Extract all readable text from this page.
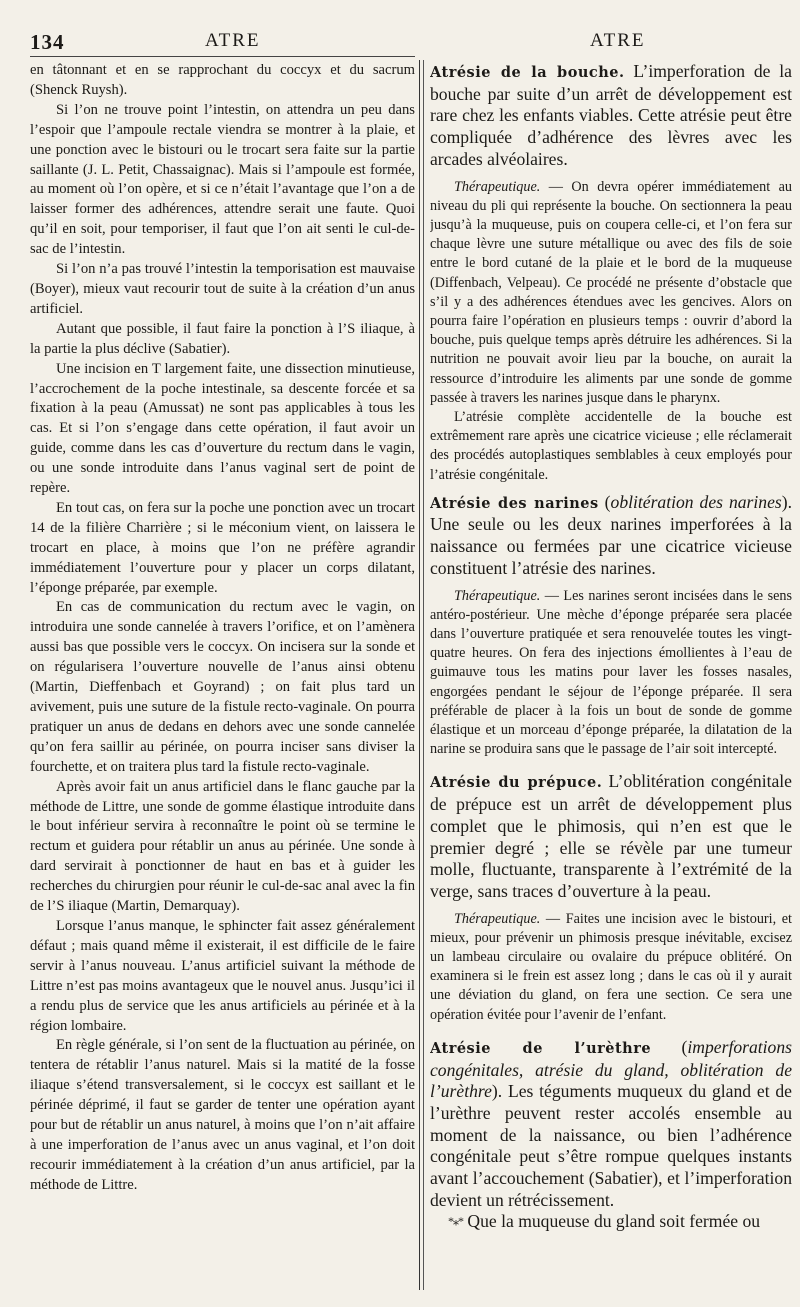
134	ATRE	ATRE

en tâtonnant et en se rapprochant du coccyx et du sacrum (Shenck Ruysh).

Si l’on ne trouve point l’intestin, on attendra un peu dans l’espoir que l’ampoule rectale viendra se montrer à la plaie, et une ponction avec le bistouri ou le trocart sera faite sur la partie saillante (J. L. Petit, Chassaignac). Mais si l’ampoule est formée, au moment où l’on opère, et si ce n’était l’avantage que l’on a de laisser former des adhérences, attendre serait une faute. Quoi qu’il en soit, pour temporiser, il faut que l’on ait senti le cul-de-sac de l’intestin.

Si l’on n’a pas trouvé l’intestin la temporisation est mauvaise (Boyer), mieux vaut recourir tout de suite à la création d’un anus artificiel.

Autant que possible, il faut faire la ponction à l’S iliaque, à la partie la plus déclive (Sabatier).

Une incision en T largement faite, une dissection minutieuse, l’accrochement de la poche intestinale, sa descente forcée et sa fixation à la peau (Amussat) ne sont pas applicables à tous les cas. Et si l’on s’engage dans cette opération, il faut avoir un guide, comme dans les cas d’ouverture du rectum dans le vagin, ou une sonde introduite dans l’anus vaginal sert de point de repère.

En tout cas, on fera sur la poche une ponction avec un trocart 14 de la filière Charrière ; si le méconium vient, on laissera le trocart en place, à moins que l’on ne préfère agrandir immédiatement l’ouverture pour y placer un corps dilatant, l’éponge préparée, par exemple.

En cas de communication du rectum avec le vagin, on introduira une sonde cannelée à travers l’orifice, et on l’amènera aussi bas que possible vers le coccyx. On incisera sur la sonde et on régularisera l’ouverture nouvelle de l’anus ainsi obtenu (Martin, Dieffenbach et Goyrand) ; on fait plus tard un avivement, puis une suture de la fistule recto-vaginale. On pourra pratiquer un anus de dedans en dehors avec une sonde cannelée qu’on fera saillir au périnée, on pourra inciser sans diviser la fourchette, et on traitera plus tard la fistule recto-vaginale.

Après avoir fait un anus artificiel dans le flanc gauche par la méthode de Littre, une sonde de gomme élastique introduite dans le bout inférieur servira à reconnaître le point où se termine le rectum et guidera pour rétablir un anus au périnée. Une sonde à dard servirait à ponctionner de haut en bas et à guider les recherches du chirurgien pour réunir le cul-de-sac anal avec la fin de l’S iliaque (Martin, Demarquay).

Lorsque l’anus manque, le sphincter fait assez généralement défaut ; mais quand même il existerait, il est difficile de le faire servir à l’anus nouveau. L’anus artificiel suivant la méthode de Littre n’est pas moins avantageux que le nouvel anus. Jusqu’ici il a rendu plus de service que les anus artificiels au périnée et à la région lombaire.

En règle générale, si l’on sent de la fluctuation au périnée, on tentera de rétablir l’anus naturel. Mais si la matité de la fosse iliaque s’étend transversalement, si le coccyx est saillant et le périnée déprimé, il faut se garder de tenter une opération ayant pour but de rétablir un anus naturel, à moins que l’on n’ait affaire à une imperforation de l’anus avec un anus vaginal, et l’on doit recourir immédiatement à la création d’un anus artificiel, par la méthode de Littre.

Atrésie de la bouche. L’imperforation de la bouche par suite d’un arrêt de développement est rare chez les enfants viables. Cette atrésie peut être compliquée d’adhérence des lèvres avec les arcades alvéolaires.

Thérapeutique. — On devra opérer immédiatement au niveau du pli qui représente la bouche. On sectionnera la peau jusqu’à la muqueuse, puis on coupera celle-ci, et l’on fera sur chaque lèvre une suture métallique ou avec des fils de soie entre le bord cutané de la plaie et le bord de la muqueuse (Diffenbach, Velpeau). Ce procédé ne présente d’obstacle que s’il y a des adhérences étendues avec les gencives. Alors on pourra faire l’opération en plusieurs temps : ouvrir d’abord la bouche, puis quelque temps après détruire les adhérences. Si la nutrition ne pouvait avoir lieu par la bouche, on aurait la ressource d’introduire les aliments par une sonde de gomme passée à travers les narines jusque dans le pharynx.

L’atrésie complète accidentelle de la bouche est extrêmement rare après une cicatrice vicieuse ; elle réclamerait des procédés autoplastiques semblables à ceux employés pour l’atrésie congénitale.

Atrésie des narines (oblitération des narines). Une seule ou les deux narines imperforées à la naissance ou fermées par une cicatrice vicieuse constituent l’atrésie des narines.

Thérapeutique. — Les narines seront incisées dans le sens antéro-postérieur. Une mèche d’éponge préparée sera placée dans l’ouverture pratiquée et sera renouvelée toutes les vingt-quatre heures. On fera des injections émollientes à l’eau de guimauve tous les matins pour laver les fosses nasales, engorgées pendant le séjour de l’éponge préparée. Il sera préférable de placer à la fois un bout de sonde de gomme élastique et un morceau d’éponge préparée, la dilatation de la narine se produira sans que le passage de l’air soit intercepté.

Atrésie du prépuce. L’oblitération congénitale de prépuce est un arrêt de développement plus complet que le phimosis, qui n’en est que le premier degré ; elle se révèle par une tumeur molle, fluctuante, transparente à l’extrémité de la verge, sans traces d’ouverture à la peau.

Thérapeutique. — Faites une incision avec le bistouri, et mieux, pour prévenir un phimosis presque inévitable, excisez un lambeau circulaire ou ovalaire du prépuce oblitéré. On examinera si le frein est assez long ; dans le cas où il y aurait une déviation du gland, on fera une section. Ce sera une opération évitée pour l’avenir de l’enfant.

Atrésie de l’urèthre (imperforations congénitales, atrésie du gland, oblitération de l’urèthre). Les téguments muqueux du gland et de l’urèthre peuvent rester accolés ensemble au moment de la naissance, ou bien l’adhérence congénitale peut s’être rompue quelques instants avant l’accouchement (Sabatier), et l’imperforation devient un rétrécissement.

*⁎* Que la muqueuse du gland soit fermée ou
